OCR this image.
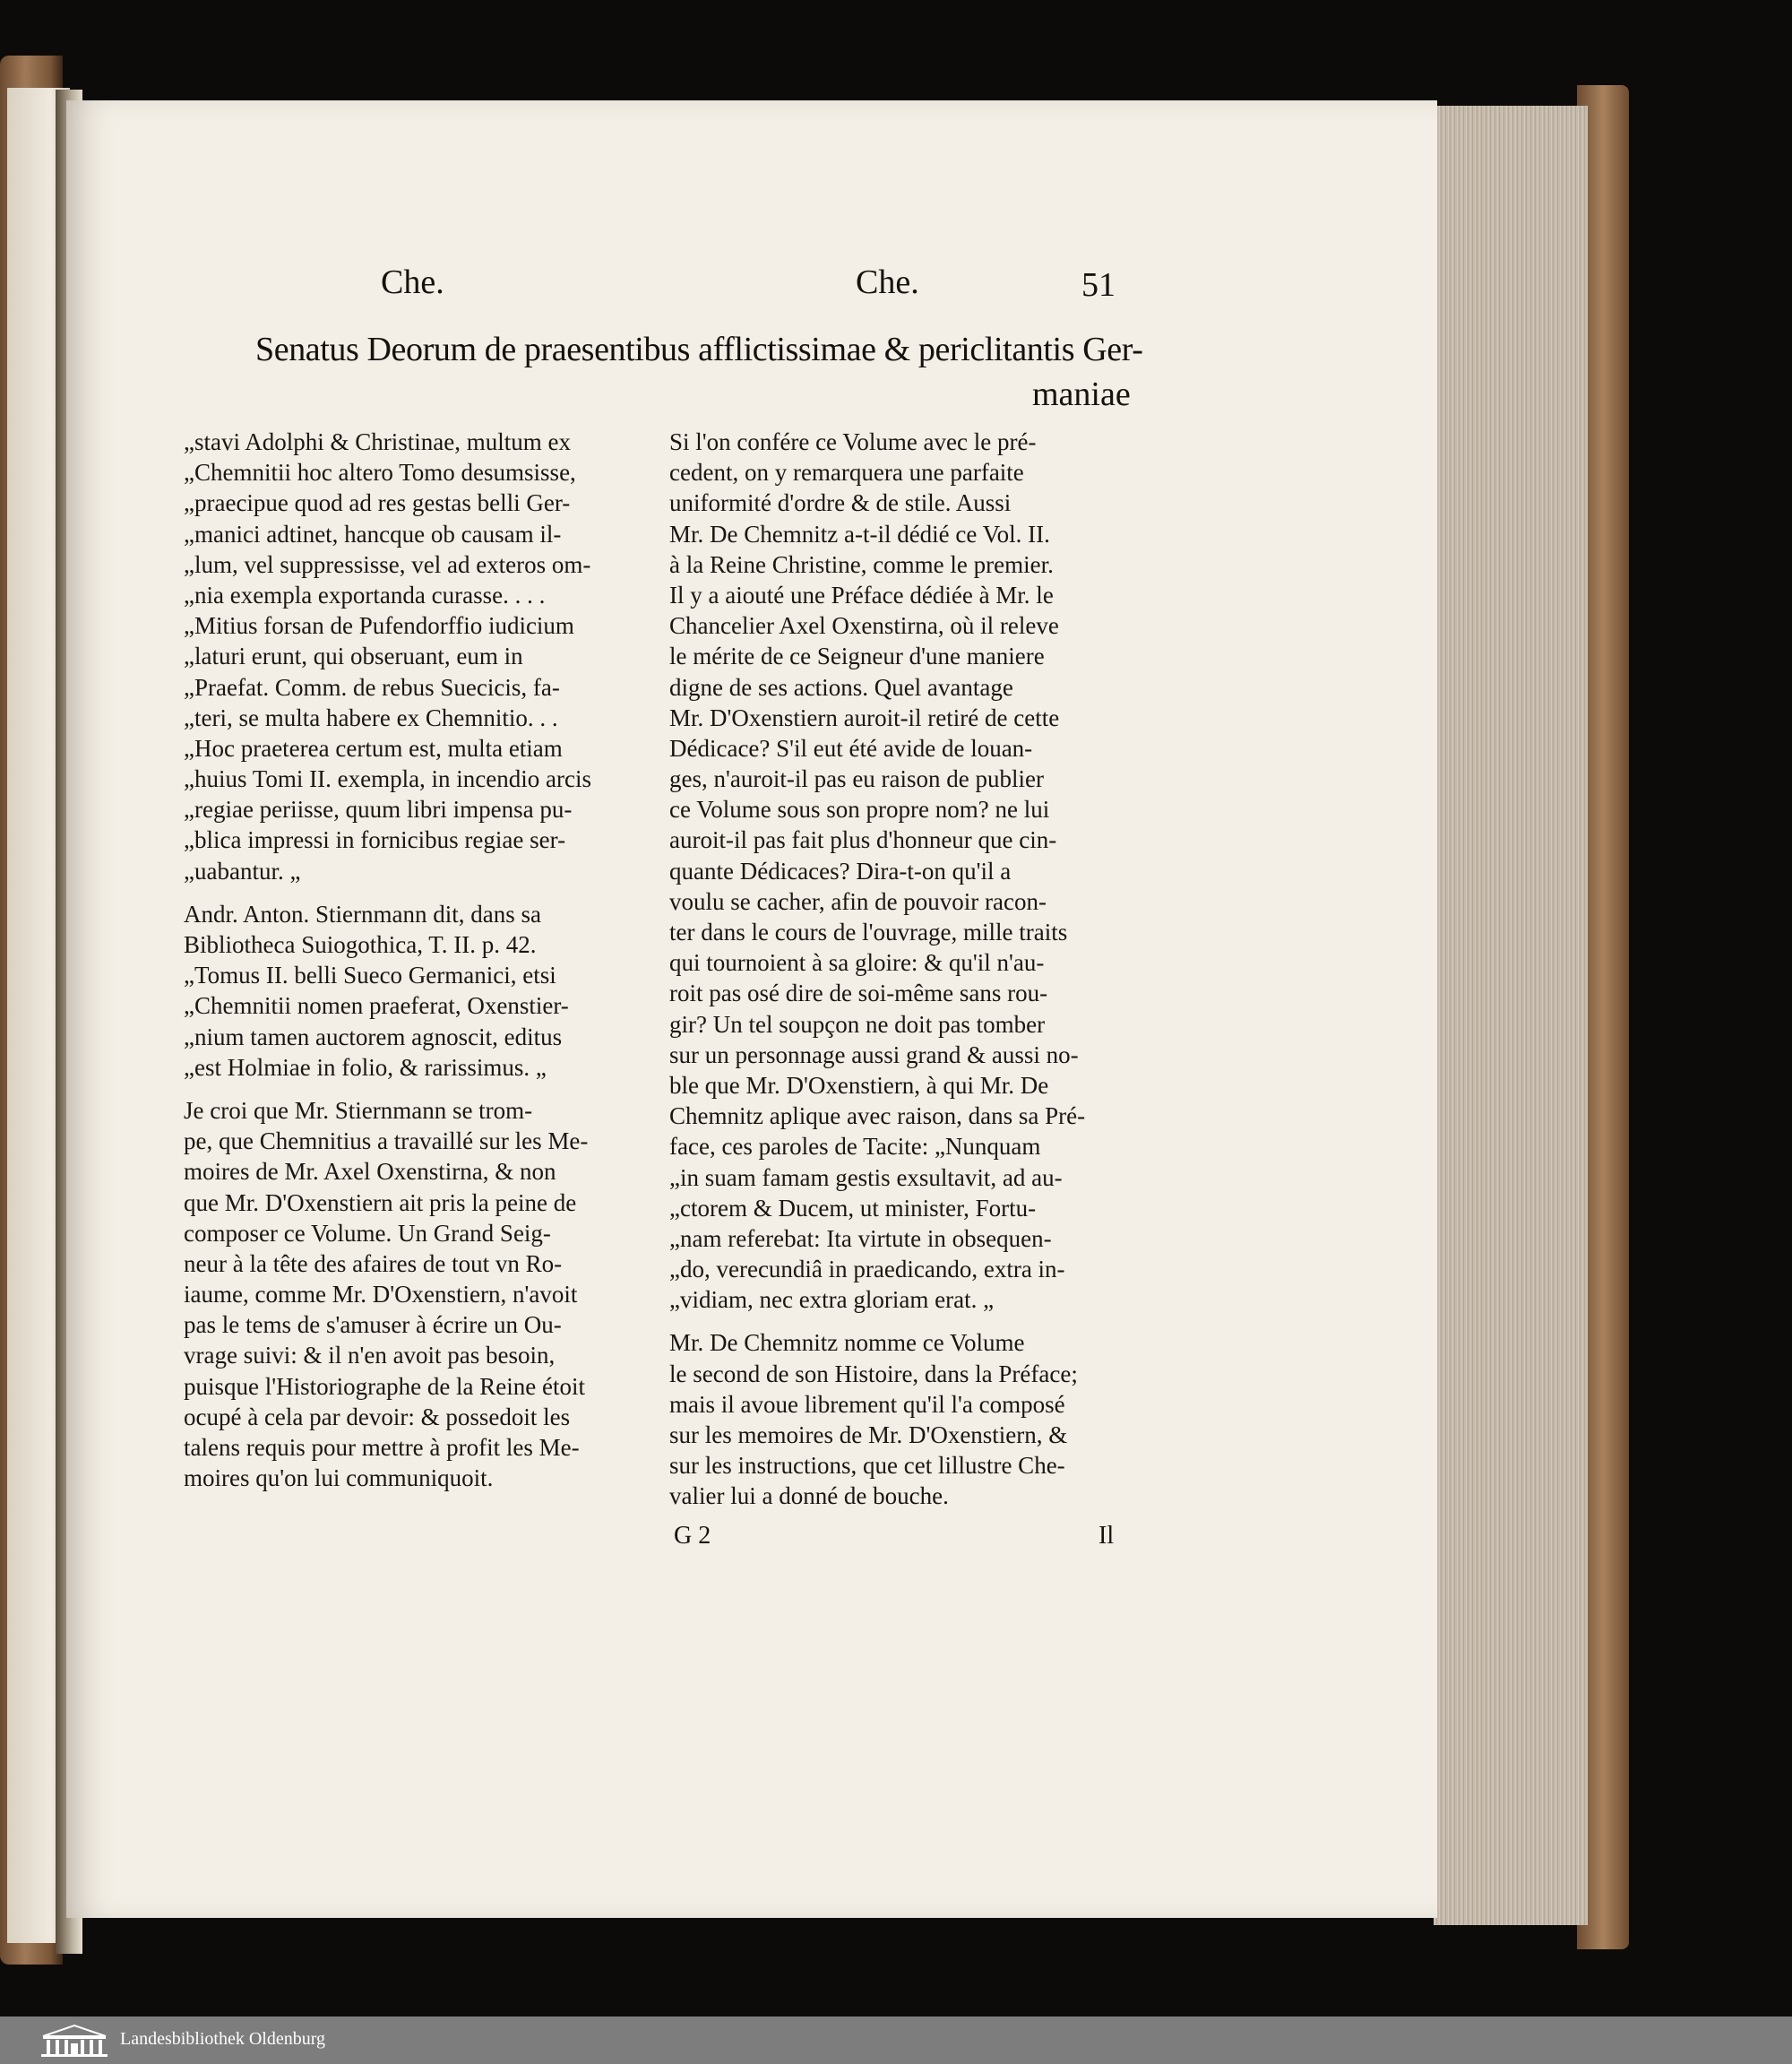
Che.	Che.	51
Senatus Deorum de praesentibus afflictissimae & periclitantis Ger-
maniae
„stavi Adolphi & Christinae, multum ex
„Chemnitii hoc altero Tomo desumsisse,
„praecipue quod ad res gestas belli Ger-
„manici adtinet, hancque ob causam il-
„lum, vel suppressisse, vel ad exteros om-
„nia exempla exportanda curasse. . . .
„Mitius forsan de Pufendorffio iudicium
„laturi erunt, qui obseruant, eum in
„Praefat. Comm. de rebus Suecicis, fa-
„teri, se multa habere ex Chemnitio. . .
„Hoc praeterea certum est, multa etiam
„huius Tomi II. exempla, in incendio arcis
„regiae periisse, quum libri impensa pu-
„blica impressi in fornicibus regiae ser-
„uabantur. „
Andr. Anton. Stiernmann dit, dans sa
Bibliotheca Suiogothica, T. II. p. 42.
„Tomus II. belli Sueco Germanici, etsi
„Chemnitii nomen praeferat, Oxenstier-
„nium tamen auctorem agnoscit, editus
„est Holmiae in folio, & rarissimus. „
Je croi que Mr. Stiernmann se trom-
pe, que Chemnitius a travaillé sur les Me-
moires de Mr. Axel Oxenstirna, & non
que Mr. D'Oxenstiern ait pris la peine de
composer ce Volume. Un Grand Seig-
neur à la tête des afaires de tout vn Ro-
iaume, comme Mr. D'Oxenstiern, n'avoit
pas le tems de s'amuser à écrire un Ou-
vrage suivi: & il n'en avoit pas besoin,
puisque l'Historiographe de la Reine étoit
ocupé à cela par devoir: & possedoit les
talens requis pour mettre à profit les Me-
moires qu'on lui communiquoit.
Si l'on confére ce Volume avec le pré-
cedent, on y remarquera une parfaite
uniformité d'ordre & de stile. Aussi
Mr. De Chemnitz a-t-il dédié ce Vol. II.
à la Reine Christine, comme le premier.
Il y a aiouté une Préface dédiée à Mr. le
Chancelier Axel Oxenstirna, où il releve
le mérite de ce Seigneur d'une maniere
digne de ses actions. Quel avantage
Mr. D'Oxenstiern auroit-il retiré de cette
Dédicace? S'il eut été avide de louan-
ges, n'auroit-il pas eu raison de publier
ce Volume sous son propre nom? ne lui
auroit-il pas fait plus d'honneur que cin-
quante Dédicaces? Dira-t-on qu'il a
voulu se cacher, afin de pouvoir racon-
ter dans le cours de l'ouvrage, mille traits
qui tournoient à sa gloire: & qu'il n'au-
roit pas osé dire de soi-même sans rou-
gir? Un tel soupçon ne doit pas tomber
sur un personnage aussi grand & aussi no-
ble que Mr. D'Oxenstiern, à qui Mr. De
Chemnitz aplique avec raison, dans sa Pré-
face, ces paroles de Tacite: „Nunquam
„in suam famam gestis exsultavit, ad au-
„ctorem & Ducem, ut minister, Fortu-
„nam referebat: Ita virtute in obsequen-
„do, verecundiâ in praedicando, extra in-
„vidiam, nec extra gloriam erat. „
Mr. De Chemnitz nomme ce Volume
le second de son Histoire, dans la Préface;
mais il avoue librement qu'il l'a composé
sur les memoires de Mr. D'Oxenstiern, &
sur les instructions, que cet lillustre Che-
valier lui a donné de bouche.
G 2	Il
Landesbibliothek Oldenburg
